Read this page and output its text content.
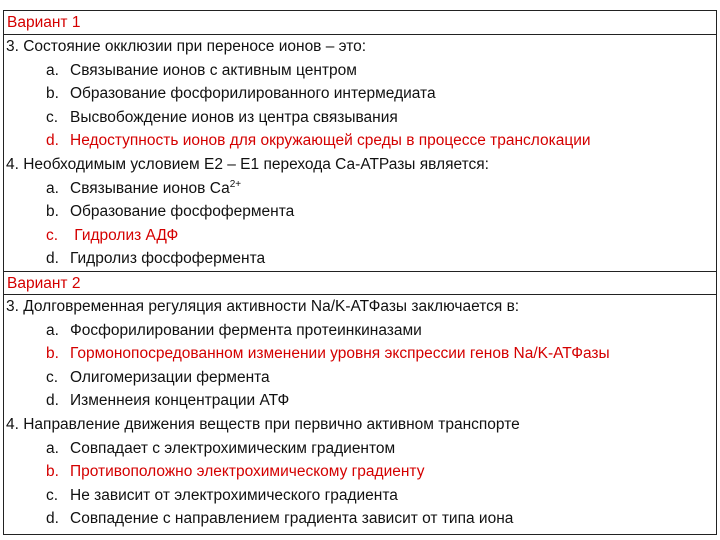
Вариант 1
3. Состояние окклюзии при переносе ионов – это:
a. Связывание ионов с активным центром
b. Образование фосфорилированного интермедиата
c. Высвобождение ионов из центра связывания
d. Недоступность ионов для окружающей среды в процессе транслокации
4. Необходимым условием Е2 – Е1 перехода Са-АТРазы является:
a. Связывание ионов $Са^{2+}$
b. Образование фосфофермента
c. Гидролиз АДФ
d. Гидролиз фосфофермента
Вариант 2
3. Долговременная регуляция активности Na/K-АТФазы заключается в:
a. Фосфорилировании фермента протеинкиназами
b. Гормонопосредованном изменении уровня экспрессии генов Na/K-АТФазы
c. Олигомеризации фермента
d. Изменнеия концентрации АТФ
4. Направление движения веществ при первично активном транспорте
a. Совпадает с электрохимическим градиентом
b. Противоположно электрохимическому градиенту
c. Не зависит от электрохимического градиента
d. Совпадение с направлением градиента зависит от типа иона
